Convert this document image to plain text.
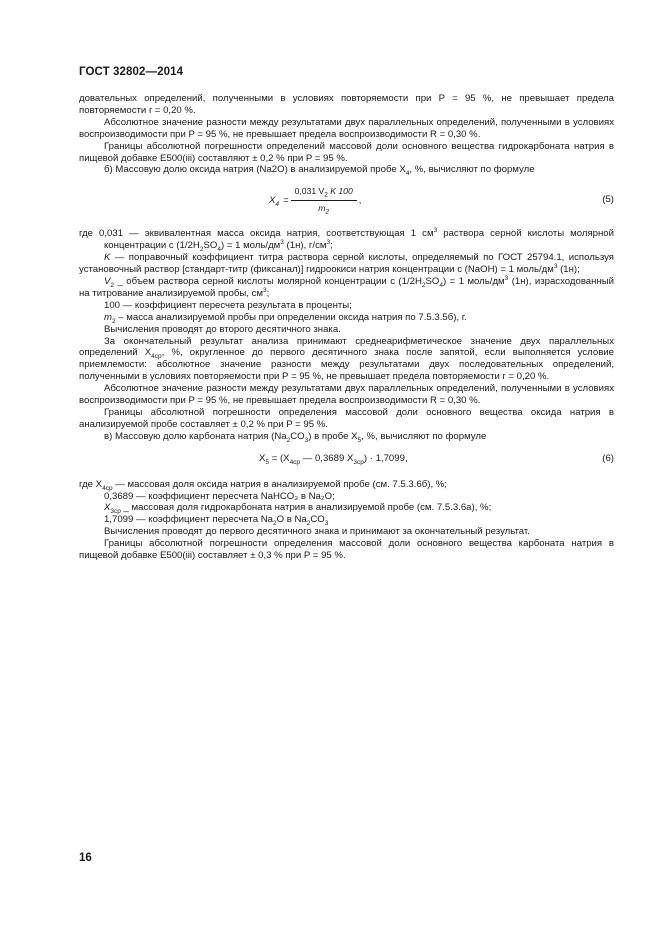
ГОСТ 32802—2014

довательных определений, полученными в условиях повторяемости при P = 95 %, не превышает предела повторяемости r = 0,20 %.

Абсолютное значение разности между результатами двух параллельных определений, полученными в условиях воспроизводимости при P = 95 %, не превышает предела воспроизводимости R = 0,30 %.

Границы абсолютной погрешности определений массовой доли основного вещества гидрокарбоната натрия в пищевой добавке E500(iii) составляют ± 0,2 % при P = 95 %.

б) Массовую долю оксида натрия (Na2O) в анализируемой пробе $X_4$, %, вычисляют по формуле

$X_4 = \frac{0,031 V_2 K 100}{m_2}$ ,	(5)

где 0,031 — эквивалентная масса оксида натрия, соответствующая 1 $см^3$ раствора серной кислоты молярной концентрации c $(1/2H_2SO_4) = 1$ моль/$дм^3$ (1н), $г/см^3$;

K — поправочный коэффициент титра раствора серной кислоты, определяемый по ГОСТ 25794.1, используя установочный раствор [стандарт-титр (фиксанал)] гидроокиси натрия концентрации c (NaOH) = 1 моль/$дм^3$ (1н);

$V_2$ _ объем раствора серной кислоты молярной концентрации c $(1/2H_2SO_4) = 1$ моль/$дм^3$ (1н), израсходованный на титрование анализируемой пробы, $см^3$;

100 — коэффициент пересчета результата в проценты;

$m_2$ – масса анализируемой пробы при определении оксида натрия по 7.5.3.5б), г.

Вычисления проводят до второго десятичного знака.

За окончательный результат анализа принимают среднеарифметическое значение двух параллельных определений $X_{4ср}$, %, округленное до первого десятичного знака после запятой, если выполняется условие приемлемости: абсолютное значение разности между результатами двух последовательных определений, полученными в условиях повторяемости при P = 95 %, не превышает предела повторяемости r = 0,20 %.

Абсолютное значение разности между результатами двух параллельных определений, полученными в условиях воспроизводимости при P = 95 %, не превышает предела воспроизводимости R = 0,30 %.

Границы абсолютной погрешности определения массовой доли основного вещества оксида натрия в анализируемой пробе составляет ± 0,2 % при P = 95 %.

в) Массовую долю карбоната натрия $(Na_2CO_3)$ в пробе $X_5$, %, вычисляют по формуле

$X_5 = (X_{4ср}$ — 0,3689 $X_{3ср}) \cdot 1,7099$,	(6)

где $X_{4ср}$ — массовая доля оксида натрия в анализируемой пробе (см. 7.5.3.6б), %;

0,3689 — коэффициент пересчета NaHCO₃ в Na₂O;

$X_{3ср}$ _ массовая доля гидрокарбоната натрия в анализируемой пробе (см. 7.5.3.6а), %;

1,7099 — коэффициент пересчета $Na_2O$ в $Na_2CO_3$

Вычисления проводят до первого десятичного знака и принимают за окончательный результат.

Границы абсолютной погрешности определения массовой доли основного вещества карбоната натрия в пищевой добавке E500(iii) составляет ± 0,3 % при P = 95 %.

16
